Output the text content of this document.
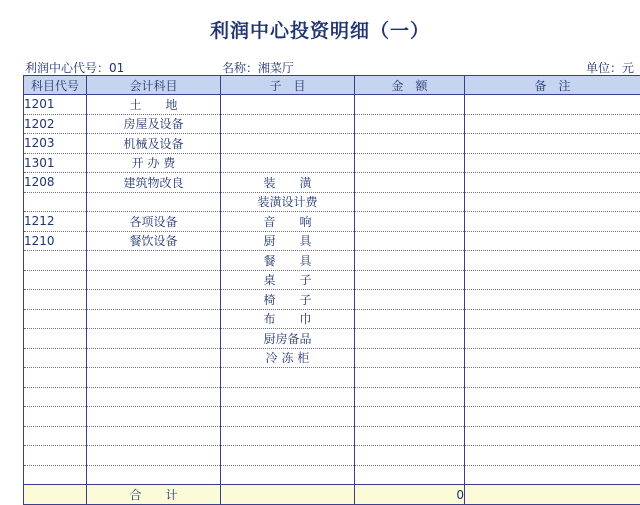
利润中心投资明细（一）
利润中心代号：01	名称：湘菜厅	单位：元
科目代号	会计科目	子　目	金　额	备　注
1201	土　　地			
1202	房屋及设备			
1203	机械及设备			
1301	开 办 费			
1208	建筑物改良	装　　潢		
		装潢设计费		
1212	各项设备	音　　响		
1210	餐饮设备	厨　　具		
		餐　　具		
		桌　　子		
		椅　　子		
		布　　巾		
		厨房备品		
		冷 冻 柜		

	合　　计		0	
